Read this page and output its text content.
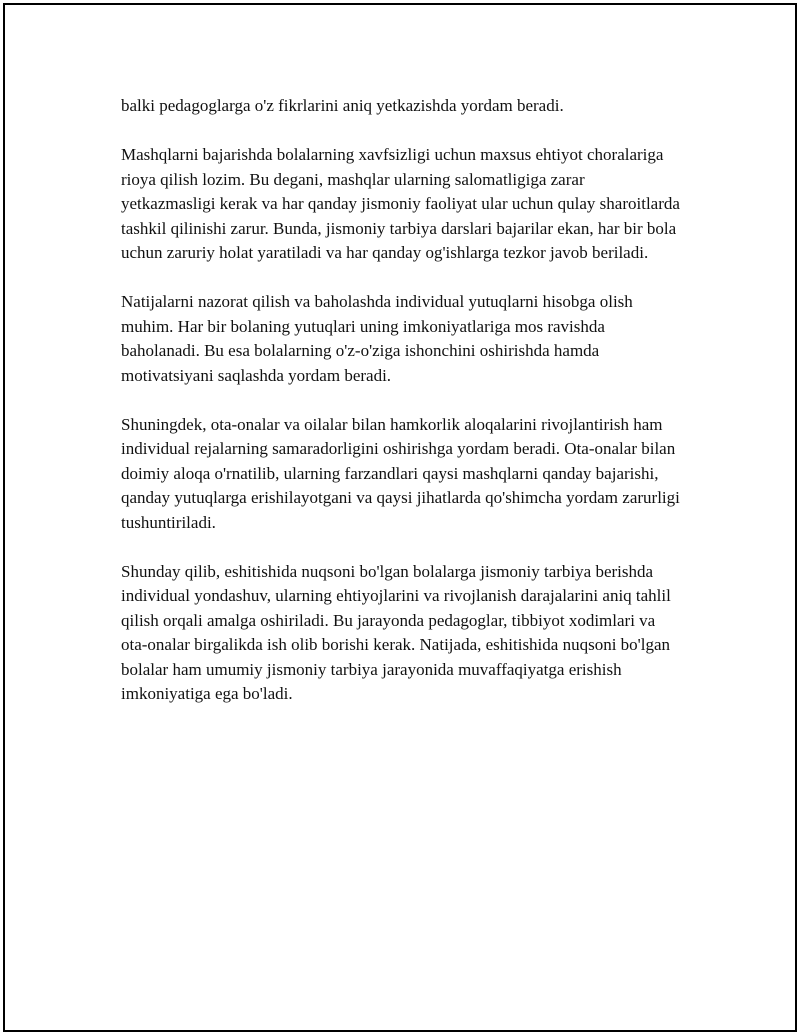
balki pedagoglarga o'z fikrlarini aniq yetkazishda yordam beradi.

Mashqlarni bajarishda bolalarning xavfsizligi uchun maxsus ehtiyot choralariga rioya qilish lozim. Bu degani, mashqlar ularning salomatligiga zarar yetkazmasligi kerak va har qanday jismoniy faoliyat ular uchun qulay sharoitlarda tashkil qilinishi zarur. Bunda, jismoniy tarbiya darslari bajarilar ekan, har bir bola uchun zaruriy holat yaratiladi va har qanday og'ishlarga tezkor javob beriladi.

Natijalarni nazorat qilish va baholashda individual yutuqlarni hisobga olish muhim. Har bir bolaning yutuqlari uning imkoniyatlariga mos ravishda baholanadi. Bu esa bolalarning o'z-o'ziga ishonchini oshirishda hamda motivatsiyani saqlashda yordam beradi.

Shuningdek, ota-onalar va oilalar bilan hamkorlik aloqalarini rivojlantirish ham individual rejalarning samaradorligini oshirishga yordam beradi. Ota-onalar bilan doimiy aloqa o'rnatilib, ularning farzandlari qaysi mashqlarni qanday bajarishi, qanday yutuqlarga erishilayotgani va qaysi jihatlarda qo'shimcha yordam zarurligi tushuntiriladi.

Shunday qilib, eshitishida nuqsoni bo'lgan bolalarga jismoniy tarbiya berishda individual yondashuv, ularning ehtiyojlarini va rivojlanish darajalarini aniq tahlil qilish orqali amalga oshiriladi. Bu jarayonda pedagoglar, tibbiyot xodimlari va ota-onalar birgalikda ish olib borishi kerak. Natijada, eshitishida nuqsoni bo'lgan bolalar ham umumiy jismoniy tarbiya jarayonida muvaffaqiyatga erishish imkoniyatiga ega bo'ladi.
